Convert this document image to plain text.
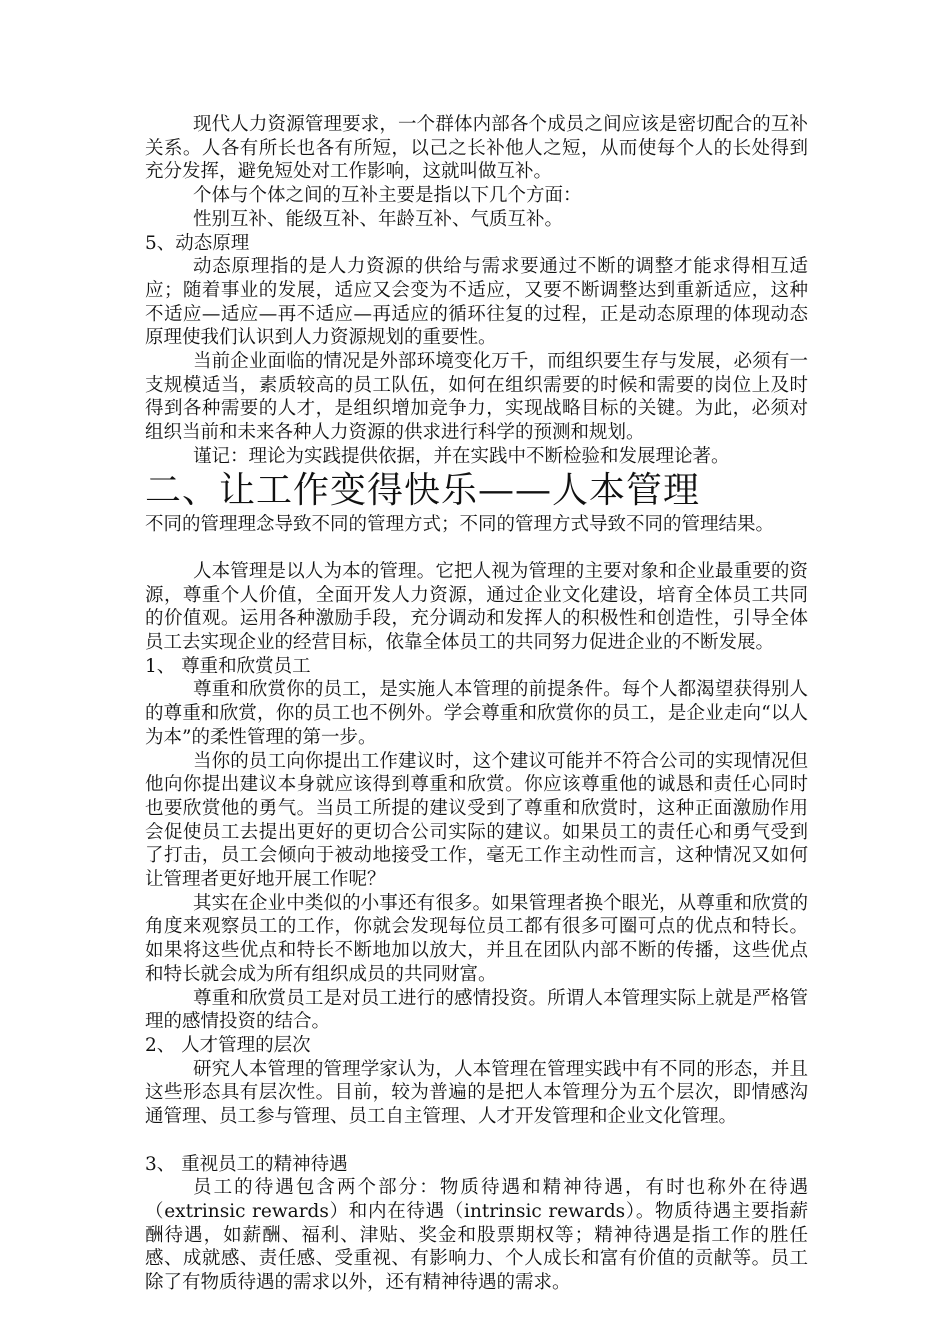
现代人力资源管理要求，一个群体内部各个成员之间应该是密切配合的互补关系。人各有所长也各有所短，以己之长补他人之短，从而使每个人的长处得到充分发挥，避免短处对工作影响，这就叫做互补。

个体与个体之间的互补主要是指以下几个方面：

性别互补、能级互补、年龄互补、气质互补。

5、动态原理

动态原理指的是人力资源的供给与需求要通过不断的调整才能求得相互适应；随着事业的发展，适应又会变为不适应，又要不断调整达到重新适应，这种不适应—适应—再不适应—再适应的循环往复的过程，正是动态原理的体现动态原理使我们认识到人力资源规划的重要性。

当前企业面临的情况是外部环境变化万千，而组织要生存与发展，必须有一支规模适当，素质较高的员工队伍，如何在组织需要的时候和需要的岗位上及时得到各种需要的人才，是组织增加竞争力，实现战略目标的关键。为此，必须对组织当前和未来各种人力资源的供求进行科学的预测和规划。

谨记：理论为实践提供依据，并在实践中不断检验和发展理论著。

二、让工作变得快乐——人本管理

不同的管理理念导致不同的管理方式；不同的管理方式导致不同的管理结果。

人本管理是以人为本的管理。它把人视为管理的主要对象和企业最重要的资源，尊重个人价值，全面开发人力资源，通过企业文化建设，培育全体员工共同的价值观。运用各种激励手段，充分调动和发挥人的积极性和创造性，引导全体员工去实现企业的经营目标，依靠全体员工的共同努力促进企业的不断发展。

1、 尊重和欣赏员工

尊重和欣赏你的员工，是实施人本管理的前提条件。每个人都渴望获得别人的尊重和欣赏，你的员工也不例外。学会尊重和欣赏你的员工，是企业走向“以人为本”的柔性管理的第一步。

当你的员工向你提出工作建议时，这个建议可能并不符合公司的实现情况但他向你提出建议本身就应该得到尊重和欣赏。你应该尊重他的诚恳和责任心同时也要欣赏他的勇气。当员工所提的建议受到了尊重和欣赏时，这种正面激励作用会促使员工去提出更好的更切合公司实际的建议。如果员工的责任心和勇气受到了打击，员工会倾向于被动地接受工作，毫无工作主动性而言，这种情况又如何让管理者更好地开展工作呢？

其实在企业中类似的小事还有很多。如果管理者换个眼光，从尊重和欣赏的角度来观察员工的工作，你就会发现每位员工都有很多可圈可点的优点和特长。如果将这些优点和特长不断地加以放大，并且在团队内部不断的传播，这些优点和特长就会成为所有组织成员的共同财富。

尊重和欣赏员工是对员工进行的感情投资。所谓人本管理实际上就是严格管理的感情投资的结合。

2、 人才管理的层次

研究人本管理的管理学家认为，人本管理在管理实践中有不同的形态，并且这些形态具有层次性。目前，较为普遍的是把人本管理分为五个层次，即情感沟通管理、员工参与管理、员工自主管理、人才开发管理和企业文化管理。

3、 重视员工的精神待遇

员工的待遇包含两个部分：物质待遇和精神待遇，有时也称外在待遇（extrinsic rewards）和内在待遇（intrinsic rewards）。物质待遇主要指薪酬待遇，如薪酬、福利、津贴、奖金和股票期权等；精神待遇是指工作的胜任感、成就感、责任感、受重视、有影响力、个人成长和富有价值的贡献等。员工除了有物质待遇的需求以外，还有精神待遇的需求。
